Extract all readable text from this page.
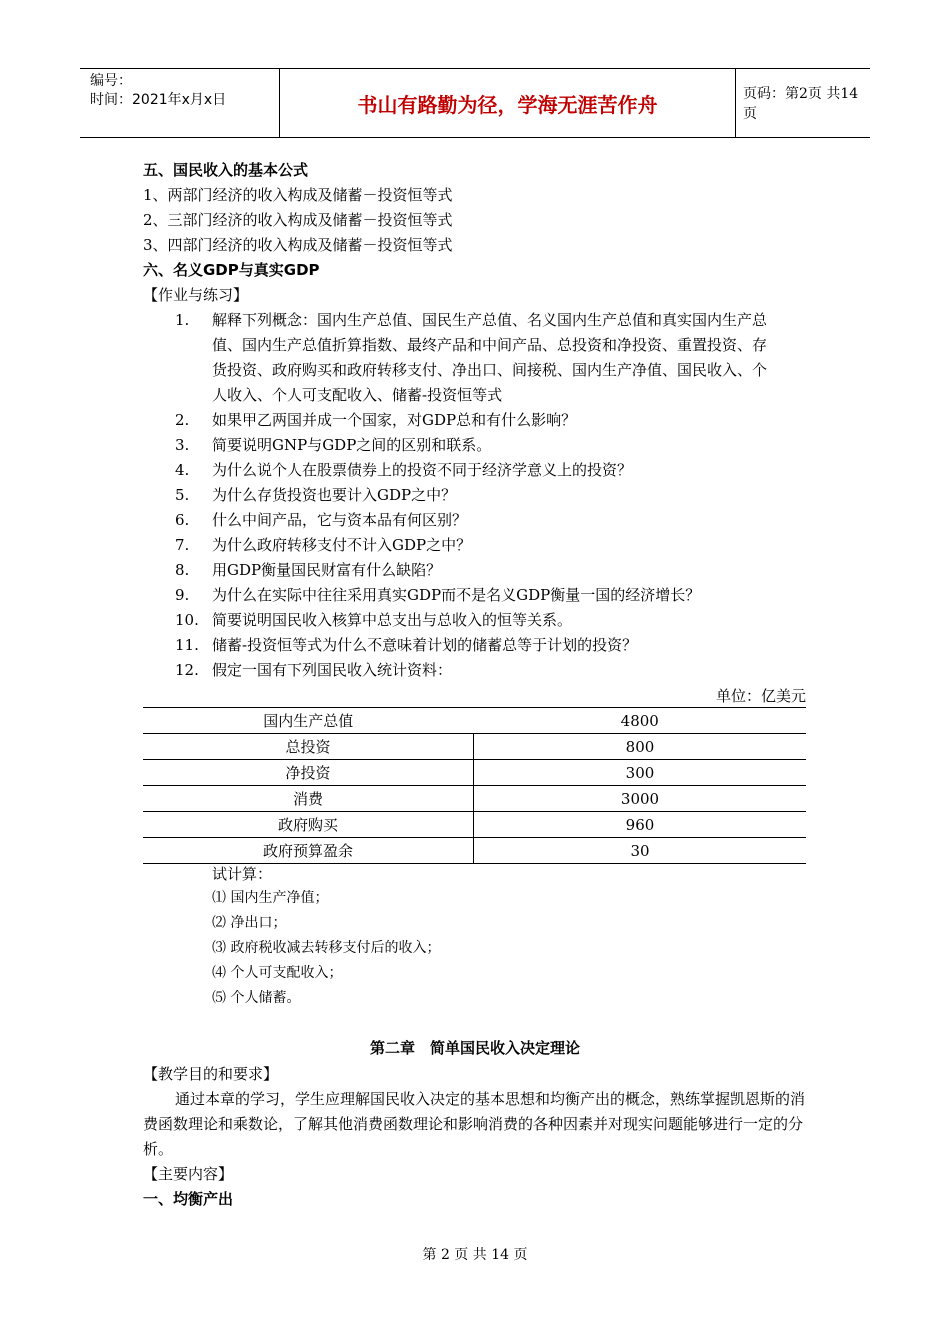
编号：
时间：2021年x月x日	书山有路勤为径，学海无涯苦作舟	页码：第2页 共14页
五、国民收入的基本公式
1、两部门经济的收入构成及储蓄－投资恒等式
2、三部门经济的收入构成及储蓄－投资恒等式
3、四部门经济的收入构成及储蓄－投资恒等式
六、名义GDP与真实GDP
【作业与练习】
1. 解释下列概念：国内生产总值、国民生产总值、名义国内生产总值和真实国内生产总
值、国内生产总值折算指数、最终产品和中间产品、总投资和净投资、重置投资、存
货投资、政府购买和政府转移支付、净出口、间接税、国内生产净值、国民收入、个
人收入、个人可支配收入、储蓄-投资恒等式
2. 如果甲乙两国并成一个国家，对GDP总和有什么影响？
3. 简要说明GNP与GDP之间的区别和联系。
4. 为什么说个人在股票债券上的投资不同于经济学意义上的投资？
5. 为什么存货投资也要计入GDP之中？
6. 什么中间产品，它与资本品有何区别？
7. 为什么政府转移支付不计入GDP之中？
8. 用GDP衡量国民财富有什么缺陷？
9. 为什么在实际中往往采用真实GDP而不是名义GDP衡量一国的经济增长？
10. 简要说明国民收入核算中总支出与总收入的恒等关系。
11. 储蓄-投资恒等式为什么不意味着计划的储蓄总等于计划的投资？
12. 假定一国有下列国民收入统计资料：
单位：亿美元
国内生产总值	4800
总投资	800
净投资	300
消费	3000
政府购买	960
政府预算盈余	30
试计算：
⑴ 国内生产净值；
⑵ 净出口；
⑶ 政府税收减去转移支付后的收入；
⑷ 个人可支配收入；
⑸ 个人储蓄。
第二章　简单国民收入决定理论
【教学目的和要求】
通过本章的学习，学生应理解国民收入决定的基本思想和均衡产出的概念，熟练掌握凯恩斯的消费函数理论和乘数论，了解其他消费函数理论和影响消费的各种因素并对现实问题能够进行一定的分析。
【主要内容】
一、均衡产出
第 2 页 共 14 页
